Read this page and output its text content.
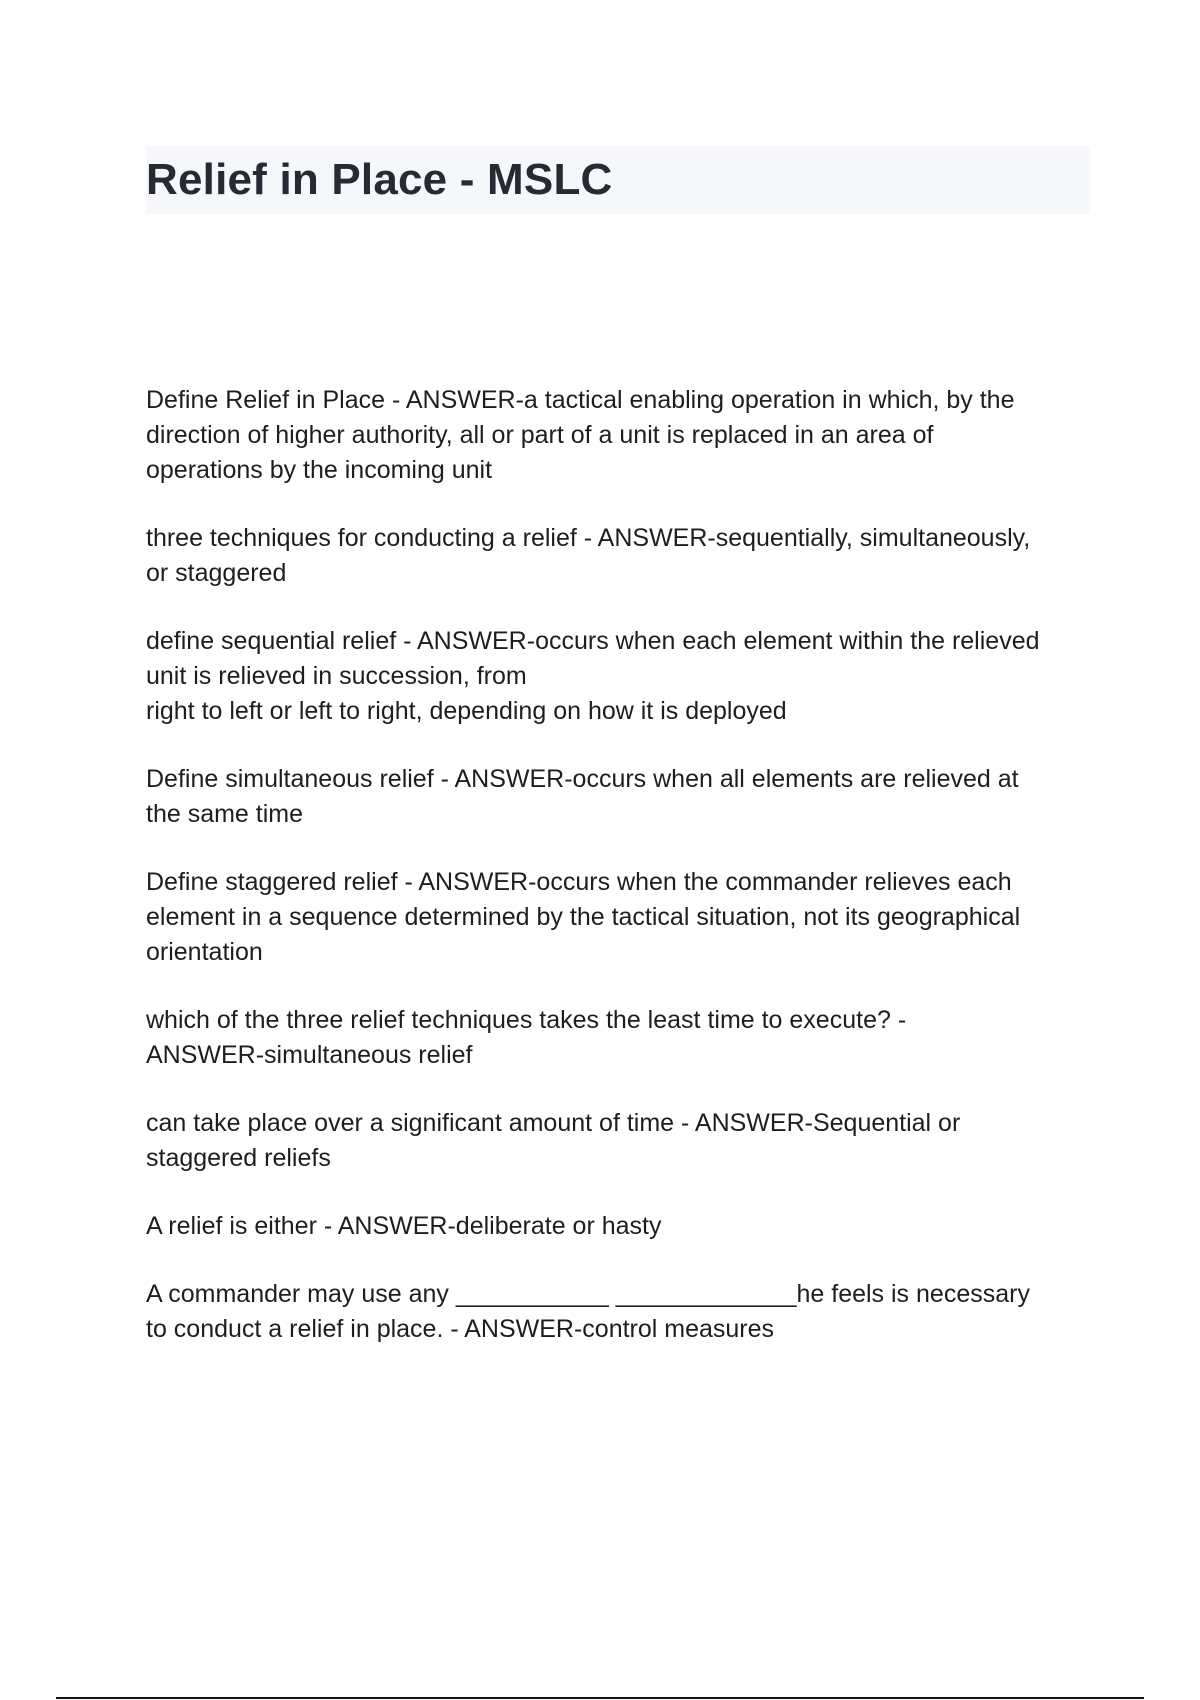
Relief in Place - MSLC
Define Relief in Place - ANSWER-a tactical enabling operation in which, by the
direction of higher authority, all or part of a unit is replaced in an area of
operations by the incoming unit
three techniques for conducting a relief - ANSWER-sequentially, simultaneously,
or staggered
define sequential relief - ANSWER-occurs when each element within the relieved
unit is relieved in succession, from
right to left or left to right, depending on how it is deployed
Define simultaneous relief - ANSWER-occurs when all elements are relieved at
the same time
Define staggered relief - ANSWER-occurs when the commander relieves each
element in a sequence determined by the tactical situation, not its geographical
orientation
which of the three relief techniques takes the least time to execute? -
ANSWER-simultaneous relief
can take place over a significant amount of time - ANSWER-Sequential or
staggered reliefs
A relief is either - ANSWER-deliberate or hasty
A commander may use any ___________ _____________he feels is necessary
to conduct a relief in place. - ANSWER-control measures
